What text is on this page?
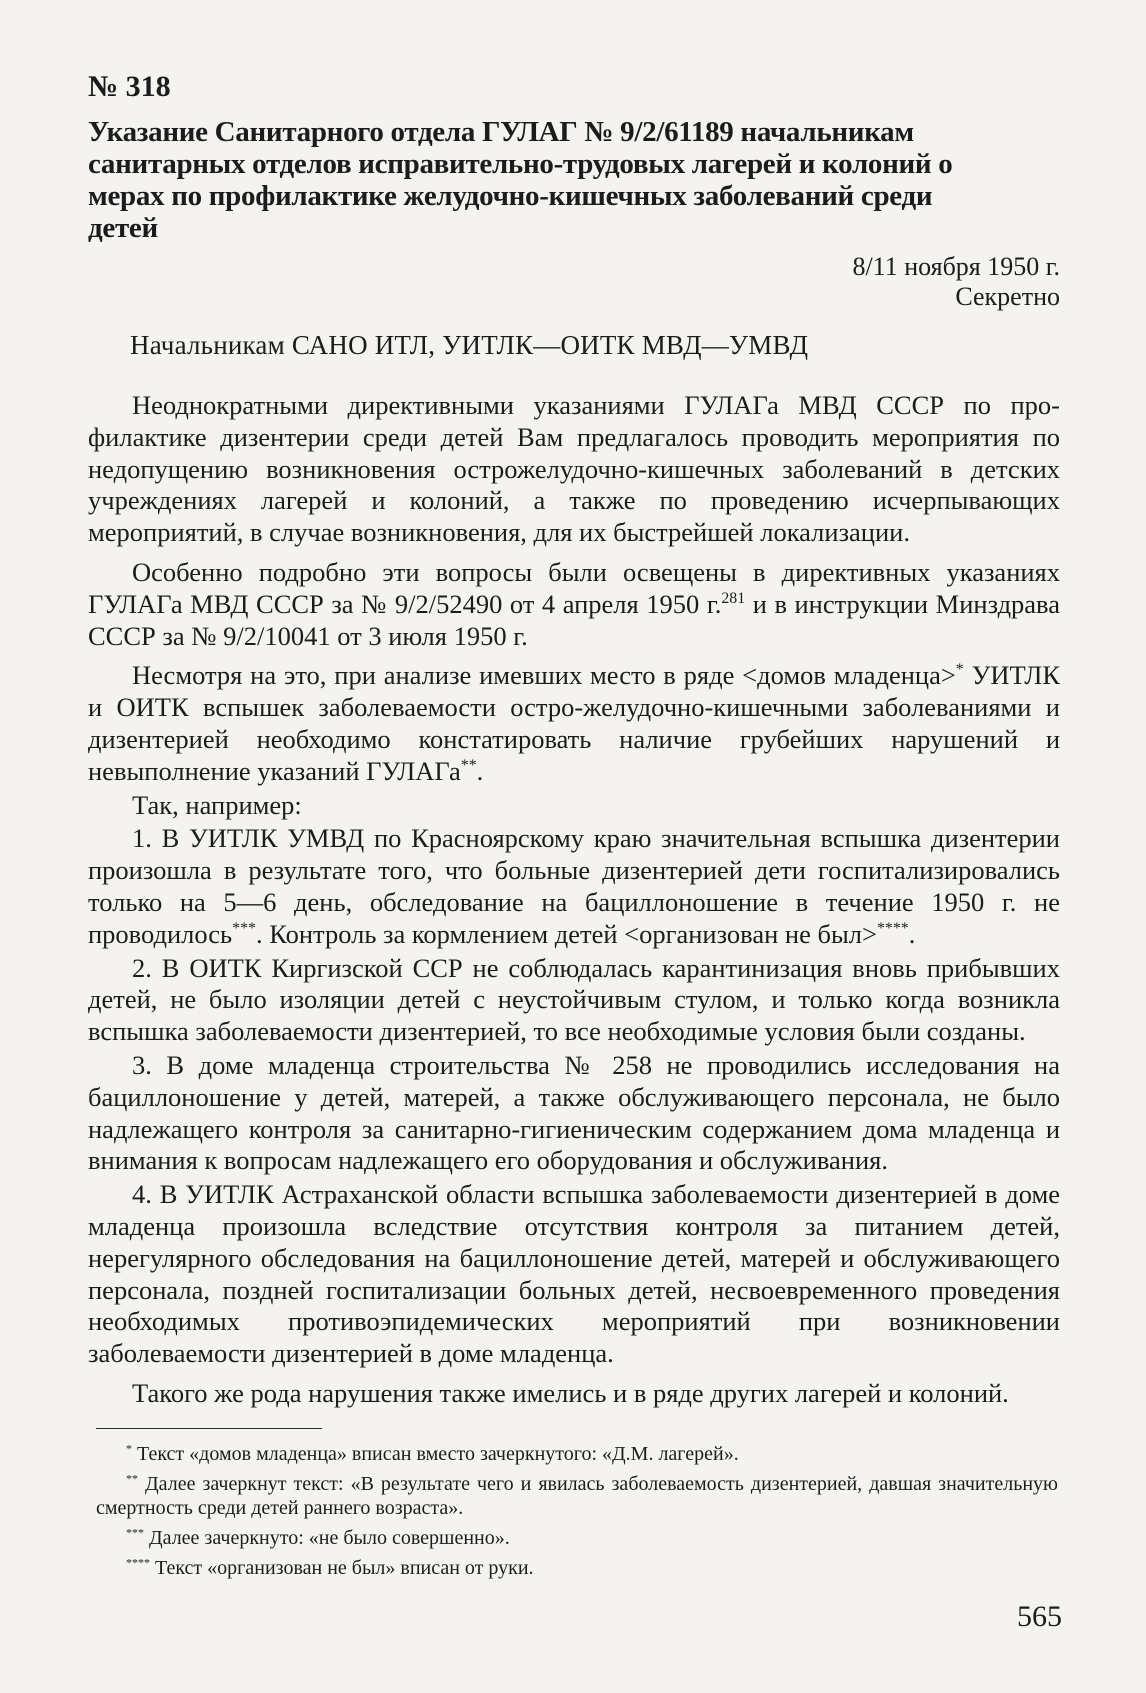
№ 318
Указание Санитарного отдела ГУЛАГ № 9/2/61189 начальникам санитарных отделов исправительно-трудовых лагерей и колоний о мерах по профилактике желудочно-кишечных заболеваний среди детей
8/11 ноября 1950 г.
Секретно
Начальникам САНО ИТЛ, УИТЛК—ОИТК МВД—УМВД

Неоднократными директивными указаниями ГУЛАГа МВД СССР по профилактике дизентерии среди детей Вам предлагалось проводить мероприятия по недопущению возникновения острожелудочно-кишечных заболеваний в детских учреждениях лагерей и колоний, а также по проведению исчерпывающих мероприятий, в случае возникновения, для их быстрейшей локализации.

Особенно подробно эти вопросы были освещены в директивных указаниях ГУЛАГа МВД СССР за № 9/2/52490 от 4 апреля 1950 г.$^{281}$ и в инструкции Минздрава СССР за № 9/2/10041 от 3 июля 1950 г.

Несмотря на это, при анализе имевших место в ряде <домов младенца>* УИТЛК и ОИТК вспышек заболеваемости остро-желудочно-кишечными заболеваниями и дизентерией необходимо констатировать наличие грубейших нарушений и невыполнение указаний ГУЛАГа**.

Так, например:

1. В УИТЛК УМВД по Красноярскому краю значительная вспышка дизентерии произошла в результате того, что больные дизентерией дети госпитализировались только на 5—6 день, обследование на бациллоношение в течение 1950 г. не проводилось***. Контроль за кормлением детей <организован не был>****.

2. В ОИТК Киргизской ССР не соблюдалась карантинизация вновь прибывших детей, не было изоляции детей с неустойчивым стулом, и только когда возникла вспышка заболеваемости дизентерией, то все необходимые условия были созданы.

3. В доме младенца строительства № 258 не проводились исследования на бациллоношение у детей, матерей, а также обслуживающего персонала, не было надлежащего контроля за санитарно-гигиеническим содержанием дома младенца и внимания к вопросам надлежащего его оборудования и обслуживания.

4. В УИТЛК Астраханской области вспышка заболеваемости дизентерией в доме младенца произошла вследствие отсутствия контроля за питанием детей, нерегулярного обследования на бациллоношение детей, матерей и обслуживающего персонала, поздней госпитализации больных детей, несвоевременного проведения необходимых противоэпидемических мероприятий при возникновении заболеваемости дизентерией в доме младенца.

Такого же рода нарушения также имелись и в ряде других лагерей и колоний.

* Текст «домов младенца» вписан вместо зачеркнутого: «Д.М. лагерей».

** Далее зачеркнут текст: «В результате чего и явилась заболеваемость дизентерией, давшая значительную смертность среди детей раннего возраста».

*** Далее зачеркнуто: «не было совершенно».

**** Текст «организован не был» вписан от руки.

565
